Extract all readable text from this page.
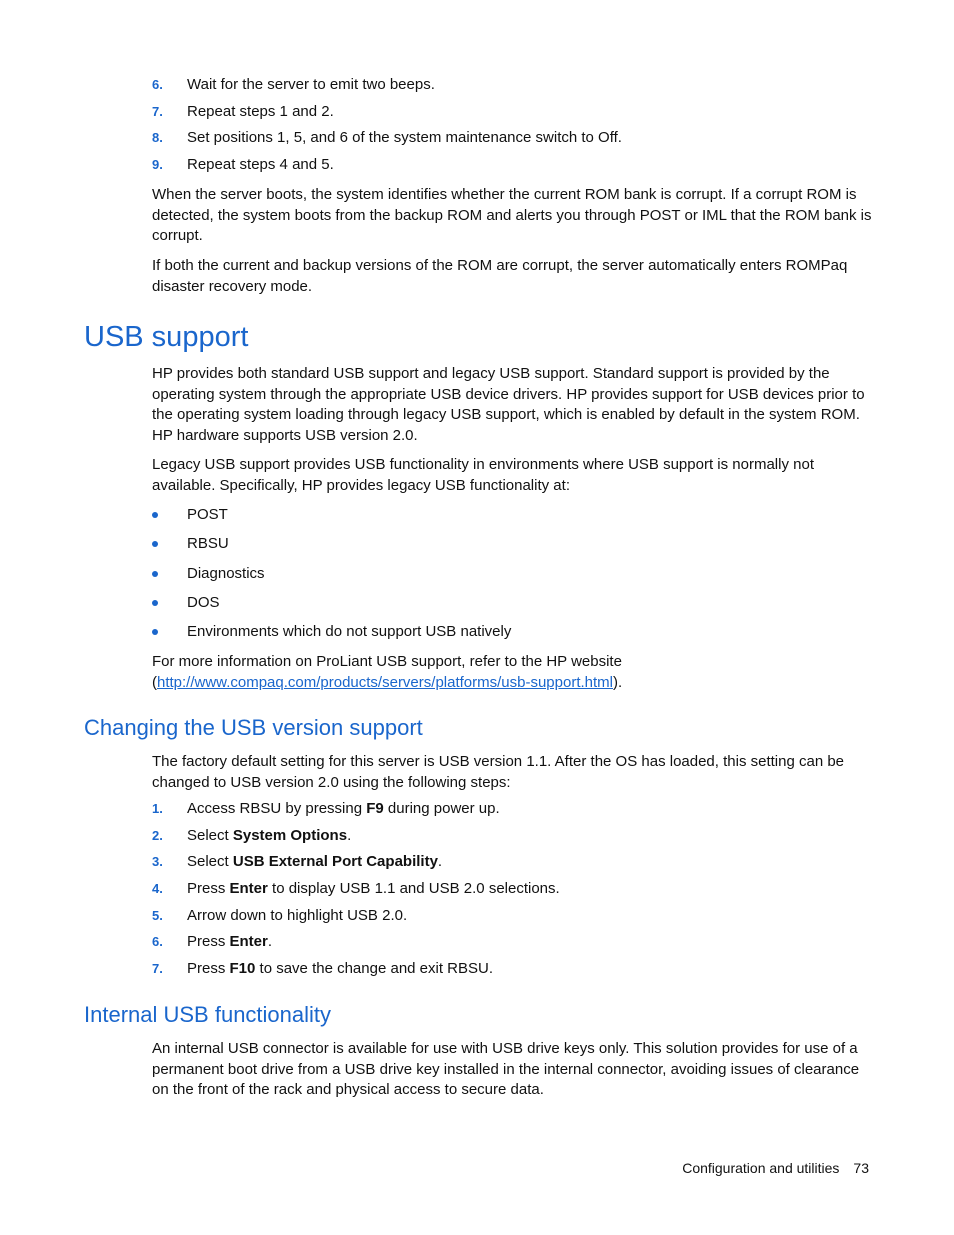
6. Wait for the server to emit two beeps.
7. Repeat steps 1 and 2.
8. Set positions 1, 5, and 6 of the system maintenance switch to Off.
9. Repeat steps 4 and 5.

When the server boots, the system identifies whether the current ROM bank is corrupt. If a corrupt ROM is detected, the system boots from the backup ROM and alerts you through POST or IML that the ROM bank is corrupt.

If both the current and backup versions of the ROM are corrupt, the server automatically enters ROMPaq disaster recovery mode.

USB support

HP provides both standard USB support and legacy USB support. Standard support is provided by the operating system through the appropriate USB device drivers. HP provides support for USB devices prior to the operating system loading through legacy USB support, which is enabled by default in the system ROM. HP hardware supports USB version 2.0.

Legacy USB support provides USB functionality in environments where USB support is normally not available. Specifically, HP provides legacy USB functionality at:

POST
RBSU
Diagnostics
DOS
Environments which do not support USB natively

For more information on ProLiant USB support, refer to the HP website
(http://www.compaq.com/products/servers/platforms/usb-support.html).

Changing the USB version support

The factory default setting for this server is USB version 1.1. After the OS has loaded, this setting can be changed to USB version 2.0 using the following steps:

1. Access RBSU by pressing F9 during power up.
2. Select System Options.
3. Select USB External Port Capability.
4. Press Enter to display USB 1.1 and USB 2.0 selections.
5. Arrow down to highlight USB 2.0.
6. Press Enter.
7. Press F10 to save the change and exit RBSU.
Internal USB functionality

An internal USB connector is available for use with USB drive keys only. This solution provides for use of a permanent boot drive from a USB drive key installed in the internal connector, avoiding issues of clearance on the front of the rack and physical access to secure data.

Configuration and utilities 73
